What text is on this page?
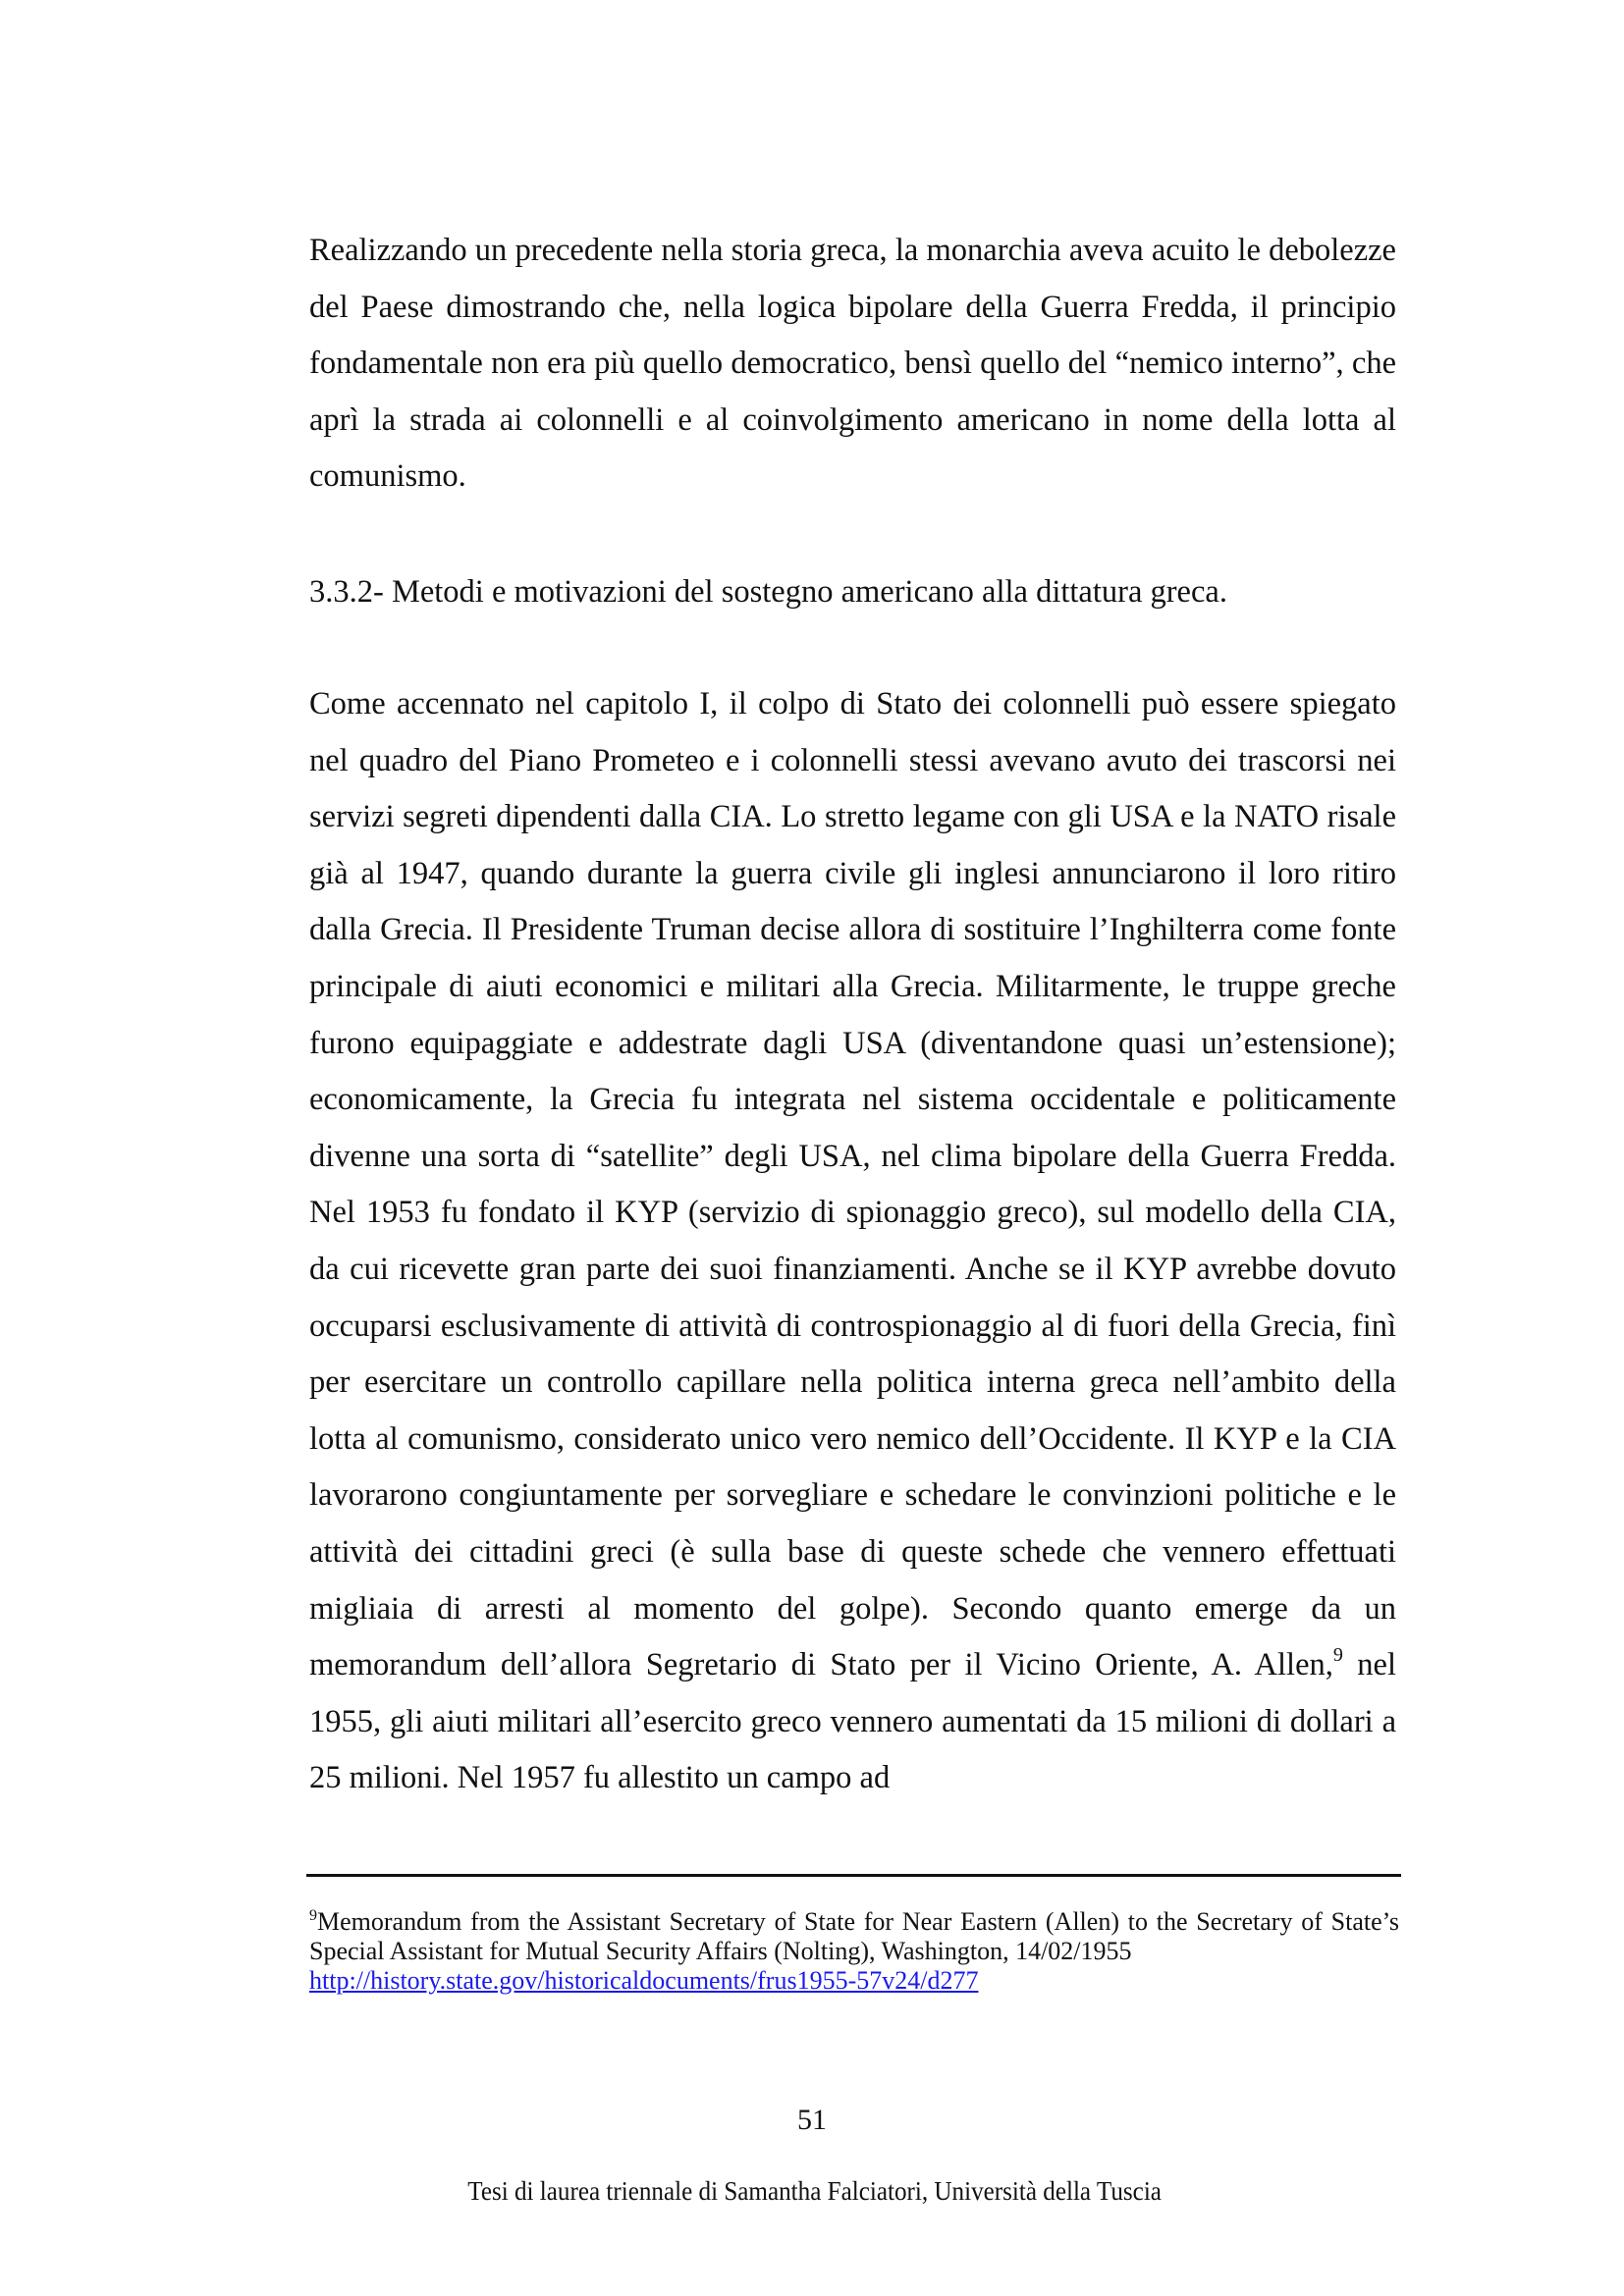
Realizzando un precedente nella storia greca, la monarchia aveva acuito le debolezze del Paese dimostrando che, nella logica bipolare della Guerra Fredda, il principio fondamentale non era più quello democratico, bensì quello del “nemico interno”, che aprì la strada ai colonnelli e al coinvolgimento americano in nome della lotta al comunismo.

3.3.2- Metodi e motivazioni del sostegno americano alla dittatura greca.

Come accennato nel capitolo I, il colpo di Stato dei colonnelli può essere spiegato nel quadro del Piano Prometeo e i colonnelli stessi avevano avuto dei trascorsi nei servizi segreti dipendenti dalla CIA. Lo stretto legame con gli USA e la NATO risale già al 1947, quando durante la guerra civile gli inglesi annunciarono il loro ritiro dalla Grecia. Il Presidente Truman decise allora di sostituire l’Inghilterra come fonte principale di aiuti economici e militari alla Grecia. Militarmente, le truppe greche furono equipaggiate e addestrate dagli USA (diventandone quasi un’estensione); economicamente, la Grecia fu integrata nel sistema occidentale e politicamente divenne una sorta di “satellite” degli USA, nel clima bipolare della Guerra Fredda. Nel 1953 fu fondato il KYP (servizio di spionaggio greco), sul modello della CIA, da cui ricevette gran parte dei suoi finanziamenti. Anche se il KYP avrebbe dovuto occuparsi esclusivamente di attività di controspionaggio al di fuori della Grecia, finì per esercitare un controllo capillare nella politica interna greca nell’ambito della lotta al comunismo, considerato unico vero nemico dell’Occidente. Il KYP e la CIA lavorarono congiuntamente per sorvegliare e schedare le convinzioni politiche e le attività dei cittadini greci (è sulla base di queste schede che vennero effettuati migliaia di arresti al momento del golpe). Secondo quanto emerge da un memorandum dell’allora Segretario di Stato per il Vicino Oriente, A. Allen,$^9$ nel 1955, gli aiuti militari all’esercito greco vennero aumentati da 15 milioni di dollari a 25 milioni. Nel 1957 fu allestito un campo ad

$^9$Memorandum from the Assistant Secretary of State for Near Eastern (Allen) to the Secretary of State’s Special Assistant for Mutual Security Affairs (Nolting), Washington, 14/02/1955
http://history.state.gov/historicaldocuments/frus1955-57v24/d277

51
Tesi di laurea triennale di Samantha Falciatori, Università della Tuscia
